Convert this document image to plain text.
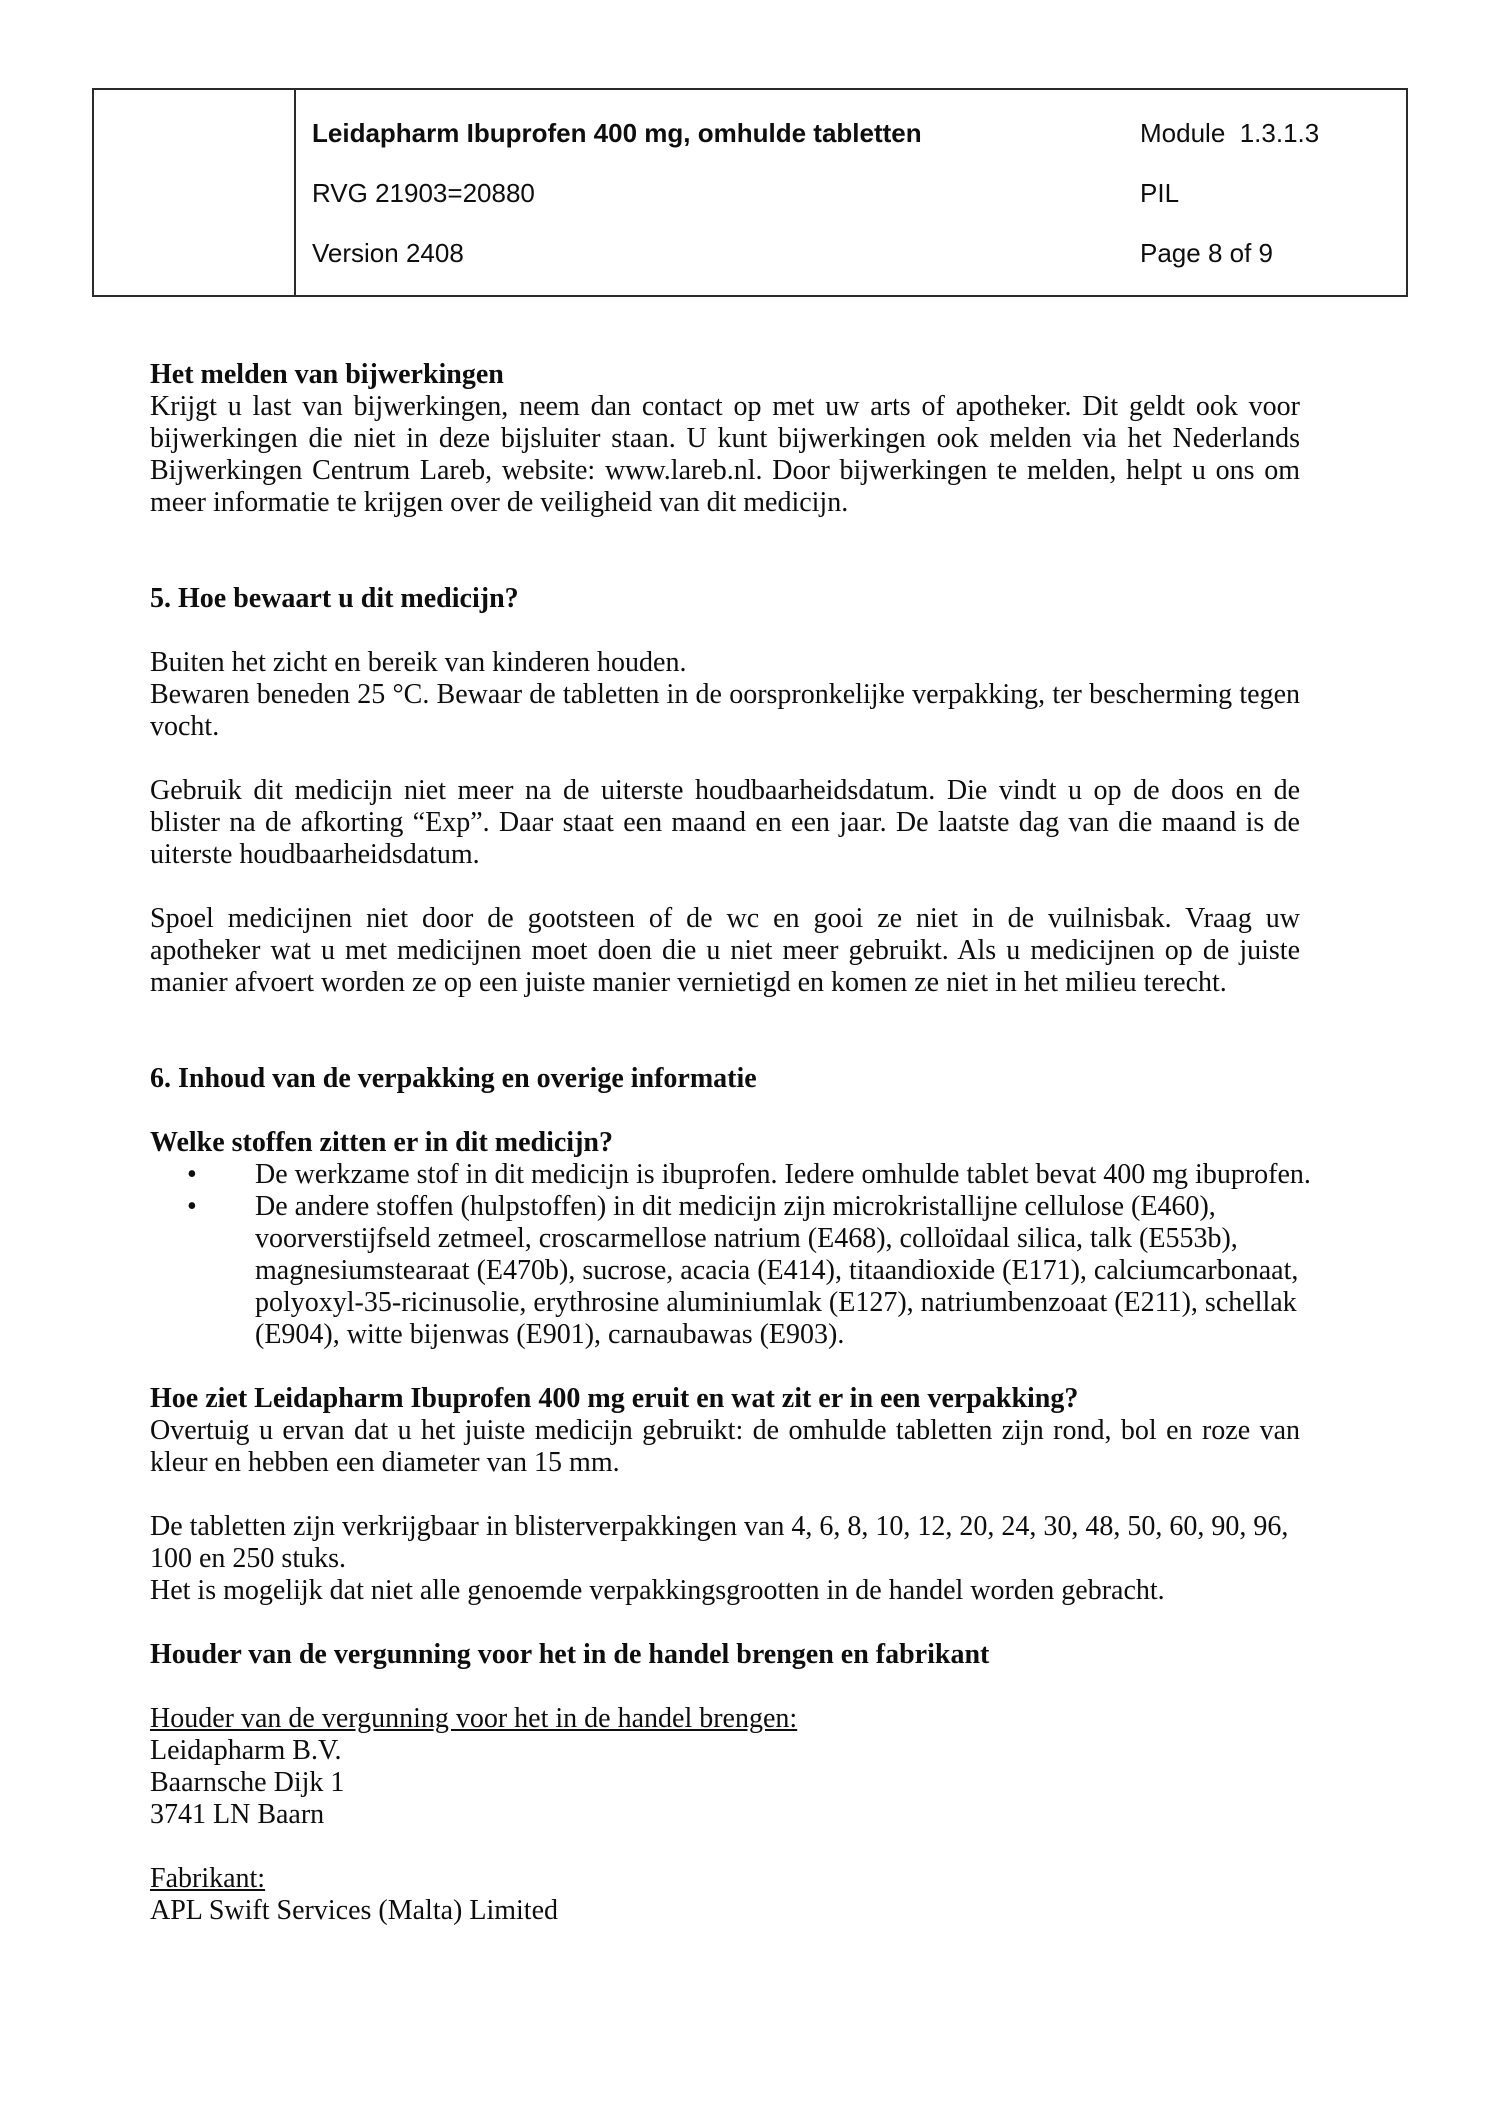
Leidapharm Ibuprofen 400 mg, omhulde tabletten	Module  1.3.1.3
RVG 21903=20880	PIL
Version 2408	Page 8 of 9
Het melden van bijwerkingen
Krijgt u last van bijwerkingen, neem dan contact op met uw arts of apotheker. Dit geldt ook voor
bijwerkingen die niet in deze bijsluiter staan. U kunt bijwerkingen ook melden via het Nederlands
Bijwerkingen Centrum Lareb, website: www.lareb.nl. Door bijwerkingen te melden, helpt u ons om
meer informatie te krijgen over de veiligheid van dit medicijn.
5. Hoe bewaart u dit medicijn?
Buiten het zicht en bereik van kinderen houden.
Bewaren beneden 25 °C. Bewaar de tabletten in de oorspronkelijke verpakking, ter bescherming tegen
vocht.
Gebruik dit medicijn niet meer na de uiterste houdbaarheidsdatum. Die vindt u op de doos en de
blister na de afkorting “Exp”. Daar staat een maand en een jaar. De laatste dag van die maand is de
uiterste houdbaarheidsdatum.
Spoel medicijnen niet door de gootsteen of de wc en gooi ze niet in de vuilnisbak. Vraag uw
apotheker wat u met medicijnen moet doen die u niet meer gebruikt. Als u medicijnen op de juiste
manier afvoert worden ze op een juiste manier vernietigd en komen ze niet in het milieu terecht.
6. Inhoud van de verpakking en overige informatie
Welke stoffen zitten er in dit medicijn?
• De werkzame stof in dit medicijn is ibuprofen. Iedere omhulde tablet bevat 400 mg ibuprofen.
• De andere stoffen (hulpstoffen) in dit medicijn zijn microkristallijne cellulose (E460),
voorverstijfseld zetmeel, croscarmellose natrium (E468), colloïdaal silica, talk (E553b),
magnesiumstearaat (E470b), sucrose, acacia (E414), titaandioxide (E171), calciumcarbonaat,
polyoxyl-35-ricinusolie, erythrosine aluminiumlak (E127), natriumbenzoaat (E211), schellak
(E904), witte bijenwas (E901), carnaubawas (E903).
Hoe ziet Leidapharm Ibuprofen 400 mg eruit en wat zit er in een verpakking?
Overtuig u ervan dat u het juiste medicijn gebruikt: de omhulde tabletten zijn rond, bol en roze van
kleur en hebben een diameter van 15 mm.
De tabletten zijn verkrijgbaar in blisterverpakkingen van 4, 6, 8, 10, 12, 20, 24, 30, 48, 50, 60, 90, 96,
100 en 250 stuks.
Het is mogelijk dat niet alle genoemde verpakkingsgrootten in de handel worden gebracht.
Houder van de vergunning voor het in de handel brengen en fabrikant
Houder van de vergunning voor het in de handel brengen:
Leidapharm B.V.
Baarnsche Dijk 1
3741 LN Baarn
Fabrikant:
APL Swift Services (Malta) Limited
